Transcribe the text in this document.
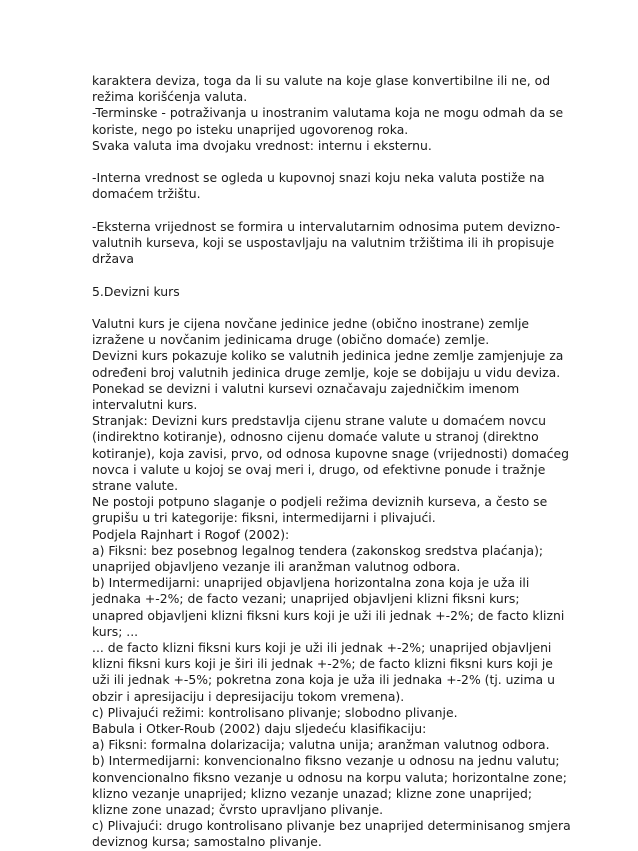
karaktera deviza, toga da li su valute na koje glase konvertibilne ili ne, od
režima korišćenja valuta.
-Terminske - potraživanja u inostranim valutama koja ne mogu odmah da se
koriste, nego po isteku unaprijed ugovorenog roka.
Svaka valuta ima dvojaku vrednost: internu i eksternu.
-Interna vrednost se ogleda u kupovnoj snazi koju neka valuta postiže na
domaćem tržištu.
-Eksterna vrijednost se formira u intervalutarnim odnosima putem devizno-
valutnih kurseva, koji se uspostavljaju na valutnim tržištima ili ih propisuje
država
5.Devizni kurs
Valutni kurs je cijena novčane jedinice jedne (obično inostrane) zemlje
izražene u novčanim jedinicama druge (obično domaće) zemlje.
Devizni kurs pokazuje koliko se valutnih jedinica jedne zemlje zamjenjuje za
određeni broj valutnih jedinica druge zemlje, koje se dobijaju u vidu deviza.
Ponekad se devizni i valutni kursevi označavaju zajedničkim imenom
intervalutni kurs.
Stranjak: Devizni kurs predstavlja cijenu strane valute u domaćem novcu
(indirektno kotiranje), odnosno cijenu domaće valute u stranoj (direktno
kotiranje), koja zavisi, prvo, od odnosa kupovne snage (vrijednosti) domaćeg
novca i valute u kojoj se ovaj meri i, drugo, od efektivne ponude i tražnje
strane valute.
Ne postoji potpuno slaganje o podjeli režima deviznih kurseva, a često se
grupišu u tri kategorije: fiksni, intermedijarni i plivajući.
Podjela Rajnhart i Rogof (2002):
a) Fiksni: bez posebnog legalnog tendera (zakonskog sredstva plaćanja);
unaprijed objavljeno vezanje ili aranžman valutnog odbora.
b) Intermedijarni: unaprijed objavljena horizontalna zona koja je uža ili
jednaka +-2%; de facto vezani; unaprijed objavljeni klizni fiksni kurs;
unapred objavljeni klizni fiksni kurs koji je uži ili jednak +-2%; de facto klizni
kurs; ...
... de facto klizni fiksni kurs koji je uži ili jednak +-2%; unaprijed objavljeni
klizni fiksni kurs koji je širi ili jednak +-2%; de facto klizni fiksni kurs koji je
uži ili jednak +-5%; pokretna zona koja je uža ili jednaka +-2% (tj. uzima u
obzir i apresijaciju i depresijaciju tokom vremena).
c) Plivajući režimi: kontrolisano plivanje; slobodno plivanje.
Babula i Otker-Roub (2002) daju sljedeću klasifikaciju:
a) Fiksni: formalna dolarizacija; valutna unija; aranžman valutnog odbora.
b) Intermedijarni: konvencionalno fiksno vezanje u odnosu na jednu valutu;
konvencionalno fiksno vezanje u odnosu na korpu valuta; horizontalne zone;
klizno vezanje unaprijed; klizno vezanje unazad; klizne zone unaprijed;
klizne zone unazad; čvrsto upravljano plivanje.
c) Plivajući: drugo kontrolisano plivanje bez unaprijed determinisanog smjera
deviznog kursa; samostalno plivanje.
